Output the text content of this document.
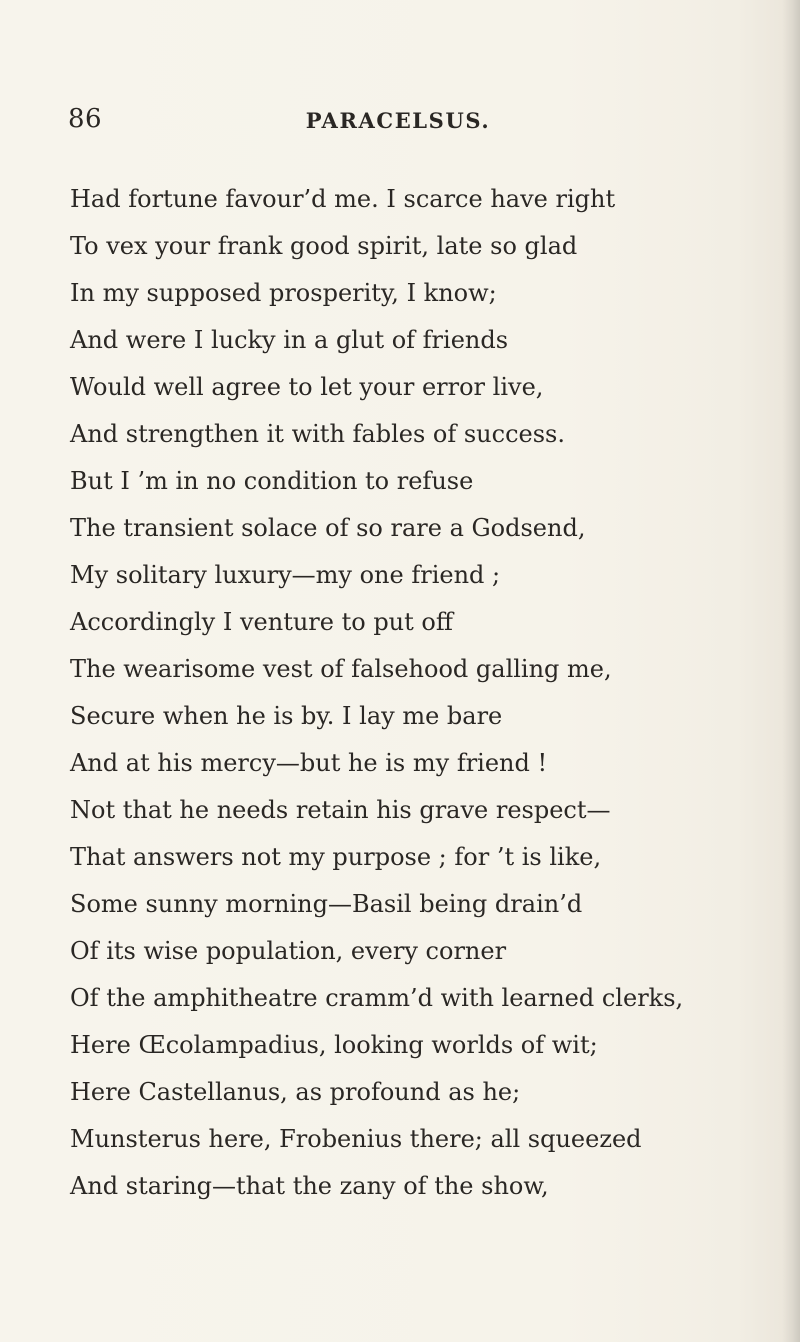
86	PARACELSUS.
Had fortune favour’d me. I scarce have right
To vex your frank good spirit, late so glad
In my supposed prosperity, I know;
And were I lucky in a glut of friends
Would well agree to let your error live,
And strengthen it with fables of success.
But I ’m in no condition to refuse
The transient solace of so rare a Godsend,
My solitary luxury—my one friend ;
Accordingly I venture to put off
The wearisome vest of falsehood galling me,
Secure when he is by. I lay me bare
And at his mercy—but he is my friend !
Not that he needs retain his grave respect—
That answers not my purpose ; for ’t is like,
Some sunny morning—Basil being drain’d
Of its wise population, every corner
Of the amphitheatre cramm’d with learned clerks,
Here Œcolampadius, looking worlds of wit;
Here Castellanus, as profound as he;
Munsterus here, Frobenius there; all squeezed
And staring—that the zany of the show,
